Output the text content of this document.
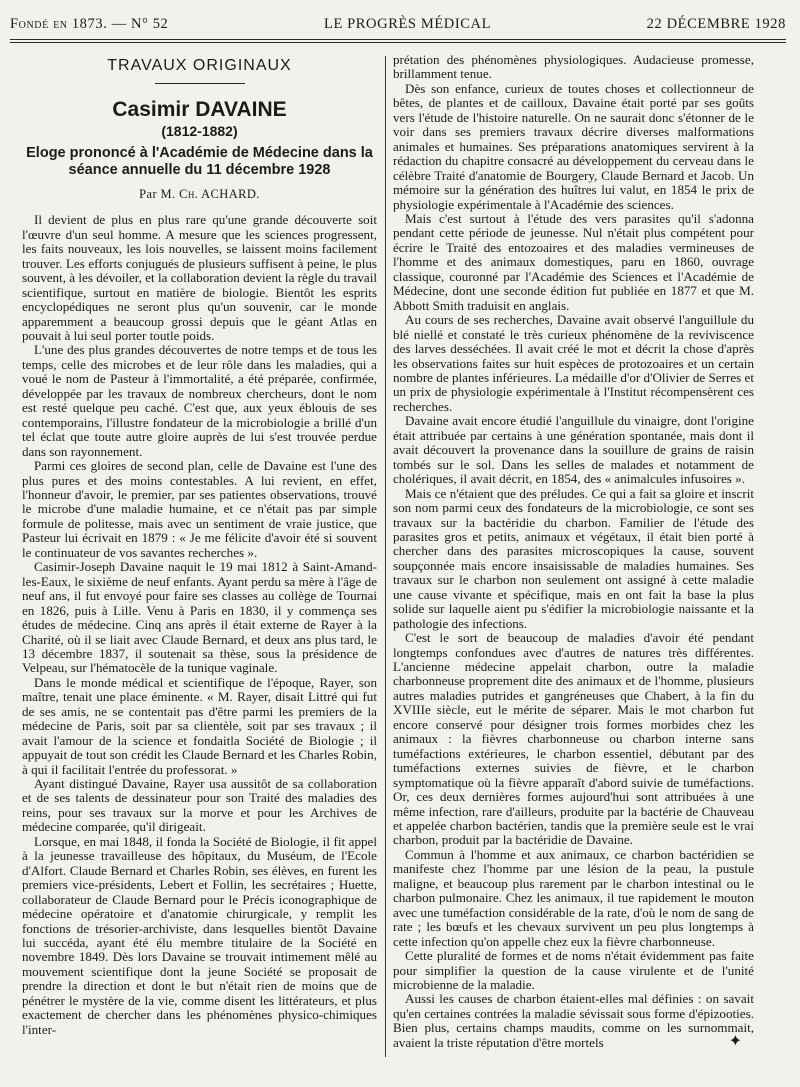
Fondé en 1873. — N° 52	LE PROGRÈS MÉDICAL	22 DÉCEMBRE 1928
TRAVAUX ORIGINAUX
Casimir DAVAINE
(1812-1882)
Eloge prononcé à l'Académie de Médecine dans la séance annuelle du 11 décembre 1928
Par M. Ch. ACHARD.

Il devient de plus en plus rare qu'une grande découverte soit l'œuvre d'un seul homme. A mesure que les sciences progressent, les faits nouveaux, les lois nouvelles, se laissent moins facilement trouver. Les efforts conjugués de plusieurs suffisent à peine, le plus souvent, à les dévoiler, et la collaboration devient la règle du travail scientifique, surtout en matière de biologie. Bientôt les esprits encyclopédiques ne seront plus qu'un souvenir, car le monde apparemment a beaucoup grossi depuis que le géant Atlas en pouvait à lui seul porter toutle poids.

L'une des plus grandes découvertes de notre temps et de tous les temps, celle des microbes et de leur rôle dans les maladies, qui a voué le nom de Pasteur à l'immortalité, a été préparée, confirmée, développée par les travaux de nombreux chercheurs, dont le nom est resté quelque peu caché. C'est que, aux yeux éblouis de ses contemporains, l'illustre fondateur de la microbiologie a brillé d'un tel éclat que toute autre gloire auprès de lui s'est trouvée perdue dans son rayonnement.

Parmi ces gloires de second plan, celle de Davaine est l'une des plus pures et des moins contestables. A lui revient, en effet, l'honneur d'avoir, le premier, par ses patientes observations, trouvé le microbe d'une maladie humaine, et ce n'était pas par simple formule de politesse, mais avec un sentiment de vraie justice, que Pasteur lui écrivait en 1879 : « Je me félicite d'avoir été si souvent le continuateur de vos savantes recherches ».

Casimir-Joseph Davaine naquit le 19 mai 1812 à Saint-Amand-les-Eaux, le sixième de neuf enfants. Ayant perdu sa mère à l'âge de neuf ans, il fut envoyé pour faire ses classes au collège de Tournai en 1826, puis à Lille. Venu à Paris en 1830, il y commença ses études de médecine. Cinq ans après il était externe de Rayer à la Charité, où il se liait avec Claude Bernard, et deux ans plus tard, le 13 décembre 1837, il soutenait sa thèse, sous la présidence de Velpeau, sur l'hématocèle de la tunique vaginale.

Dans le monde médical et scientifique de l'époque, Rayer, son maître, tenait une place éminente. « M. Rayer, disait Littré qui fut de ses amis, ne se contentait pas d'être parmi les premiers de la médecine de Paris, soit par sa clientèle, soit par ses travaux ; il avait l'amour de la science et fondaitla Société de Biologie ; il appuyait de tout son crédit les Claude Bernard et les Charles Robin, à qui il facilitait l'entrée du professorat. »

Ayant distingué Davaine, Rayer usa aussitôt de sa collaboration et de ses talents de dessinateur pour son Traité des maladies des reins, pour ses travaux sur la morve et pour les Archives de médecine comparée, qu'il dirigeait.

Lorsque, en mai 1848, il fonda la Société de Biologie, il fit appel à la jeunesse travailleuse des hôpitaux, du Muséum, de l'Ecole d'Alfort. Claude Bernard et Charles Robin, ses élèves, en furent les premiers vice-présidents, Lebert et Follin, les secrétaires ; Huette, collaborateur de Claude Bernard pour le Précis iconographique de médecine opératoire et d'anatomie chirurgicale, y remplit les fonctions de trésorier-archiviste, dans lesquelles bientôt Davaine lui succéda, ayant été élu membre titulaire de la Société en novembre 1849. Dès lors Davaine se trouvait intimement mêlé au mouvement scientifique dont la jeune Société se proposait de prendre la direction et dont le but n'était rien de moins que de pénétrer le mystère de la vie, comme disent les littérateurs, et plus exactement de chercher dans les phénomènes physico-chimiques l'inter-

prétation des phénomènes physiologiques. Audacieuse promesse, brillamment tenue.

Dès son enfance, curieux de toutes choses et collectionneur de bêtes, de plantes et de cailloux, Davaine était porté par ses goûts vers l'étude de l'histoire naturelle. On ne saurait donc s'étonner de le voir dans ses premiers travaux décrire diverses malformations animales et humaines. Ses préparations anatomiques servirent à la rédaction du chapitre consacré au développement du cerveau dans le célèbre Traité d'anatomie de Bourgery, Claude Bernard et Jacob. Un mémoire sur la génération des huîtres lui valut, en 1854 le prix de physiologie expérimentale à l'Académie des sciences.

Mais c'est surtout à l'étude des vers parasites qu'il s'adonna pendant cette période de jeunesse. Nul n'était plus compétent pour écrire le Traité des entozoaires et des maladies vermineuses de l'homme et des animaux domestiques, paru en 1860, ouvrage classique, couronné par l'Académie des Sciences et l'Académie de Médecine, dont une seconde édition fut publiée en 1877 et que M. Abbott Smith traduisit en anglais.

Au cours de ses recherches, Davaine avait observé l'anguillule du blé niellé et constaté le très curieux phénomène de la reviviscence des larves desséchées. Il avait créé le mot et décrit la chose d'après les observations faites sur huit espèces de protozoaires et un certain nombre de plantes inférieures. La médaille d'or d'Olivier de Serres et un prix de physiologie expérimentale à l'Institut récompensèrent ces recherches.

Davaine avait encore étudié l'anguillule du vinaigre, dont l'origine était attribuée par certains à une génération spontanée, mais dont il avait découvert la provenance dans la souillure de grains de raisin tombés sur le sol. Dans les selles de malades et notamment de cholériques, il avait décrit, en 1854, des « animalcules infusoires ».

Mais ce n'étaient que des préludes. Ce qui a fait sa gloire et inscrit son nom parmi ceux des fondateurs de la microbiologie, ce sont ses travaux sur la bactéridie du charbon. Familier de l'étude des parasites gros et petits, animaux et végétaux, il était bien porté à chercher dans des parasites microscopiques la cause, souvent soupçonnée mais encore insaisissable de maladies humaines. Ses travaux sur le charbon non seulement ont assigné à cette maladie une cause vivante et spécifique, mais en ont fait la base la plus solide sur laquelle aient pu s'édifier la microbiologie naissante et la pathologie des infections.

C'est le sort de beaucoup de maladies d'avoir été pendant longtemps confondues avec d'autres de natures très différentes. L'ancienne médecine appelait charbon, outre la maladie charbonneuse proprement dite des animaux et de l'homme, plusieurs autres maladies putrides et gangréneuses que Chabert, à la fin du XVIIIe siècle, eut le mérite de séparer. Mais le mot charbon fut encore conservé pour désigner trois formes morbides chez les animaux : la fièvres charbonneuse ou charbon interne sans tuméfactions extérieures, le charbon essentiel, débutant par des tuméfactions externes suivies de fièvre, et le charbon symptomatique où la fièvre apparaît d'abord suivie de tuméfactions. Or, ces deux dernières formes aujourd'hui sont attribuées à une même infection, rare d'ailleurs, produite par la bactérie de Chauveau et appelée charbon bactérien, tandis que la première seule est le vrai charbon, produit par la bactéridie de Davaine.

Commun à l'homme et aux animaux, ce charbon bactéridien se manifeste chez l'homme par une lésion de la peau, la pustule maligne, et beaucoup plus rarement par le charbon intestinal ou le charbon pulmonaire. Chez les animaux, il tue rapidement le mouton avec une tuméfaction considérable de la rate, d'où le nom de sang de rate ; les bœufs et les chevaux survivent un peu plus longtemps à cette infection qu'on appelle chez eux la fièvre charbonneuse.

Cette pluralité de formes et de noms n'était évidemment pas faite pour simplifier la question de la cause virulente et de l'unité microbienne de la maladie.

Aussi les causes de charbon étaient-elles mal définies : on savait qu'en certaines contrées la maladie sévissait sous forme d'épizooties. Bien plus, certains champs maudits, comme on les surnommait, avaient la triste réputation d'être mortels	✦
